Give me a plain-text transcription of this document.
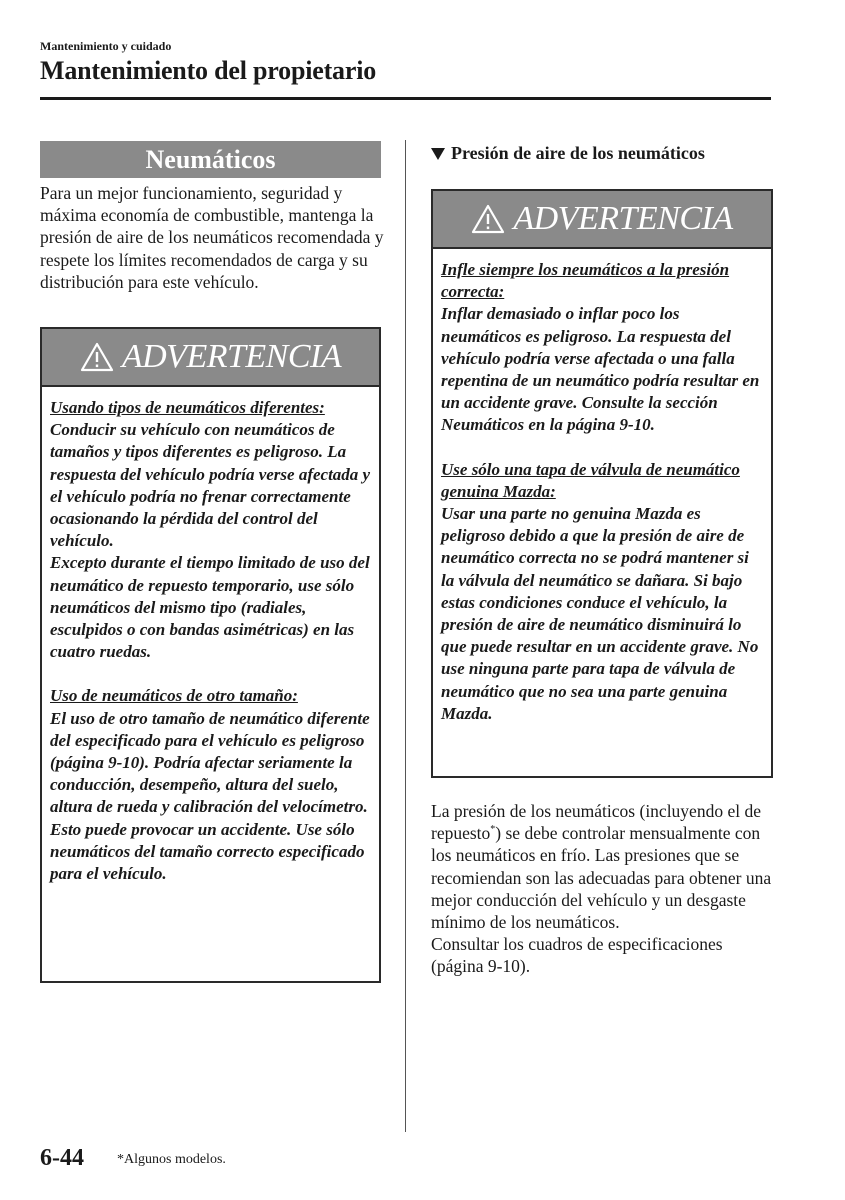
Mantenimiento y cuidado
Mantenimiento del propietario
Neumáticos

Para un mejor funcionamiento, seguridad y máxima economía de combustible, mantenga la presión de aire de los neumáticos recomendada y respete los límites recomendados de carga y su distribución para este vehículo.

ADVERTENCIA

Usando tipos de neumáticos diferentes:

Conducir su vehículo con neumáticos de tamaños y tipos diferentes es peligroso. La respuesta del vehículo podría verse afectada y el vehículo podría no frenar correctamente ocasionando la pérdida del control del vehículo.

Excepto durante el tiempo limitado de uso del neumático de repuesto temporario, use sólo neumáticos del mismo tipo (radiales, esculpidos o con bandas asimétricas) en las cuatro ruedas.

Uso de neumáticos de otro tamaño:

El uso de otro tamaño de neumático diferente del especificado para el vehículo es peligroso (página 9-10). Podría afectar seriamente la conducción, desempeño, altura del suelo, altura de rueda y calibración del velocímetro. Esto puede provocar un accidente. Use sólo neumáticos del tamaño correcto especificado para el vehículo.

Presión de aire de los neumáticos
ADVERTENCIA

Infle siempre los neumáticos a la presión correcta:

Inflar demasiado o inflar poco los neumáticos es peligroso. La respuesta del vehículo podría verse afectada o una falla repentina de un neumático podría resultar en un accidente grave. Consulte la sección Neumáticos en la página 9-10.

Use sólo una tapa de válvula de neumático genuina Mazda:

Usar una parte no genuina Mazda es peligroso debido a que la presión de aire de neumático correcta no se podrá mantener si la válvula del neumático se dañara. Si bajo estas condiciones conduce el vehículo, la presión de aire de neumático disminuirá lo que puede resultar en un accidente grave. No use ninguna parte para tapa de válvula de neumático que no sea una parte genuina Mazda.

La presión de los neumáticos (incluyendo el de repuesto*) se debe controlar mensualmente con los neumáticos en frío. Las presiones que se recomiendan son las adecuadas para obtener una mejor conducción del vehículo y un desgaste mínimo de los neumáticos.
Consultar los cuadros de especificaciones (página 9-10).
6-44 *Algunos modelos.
